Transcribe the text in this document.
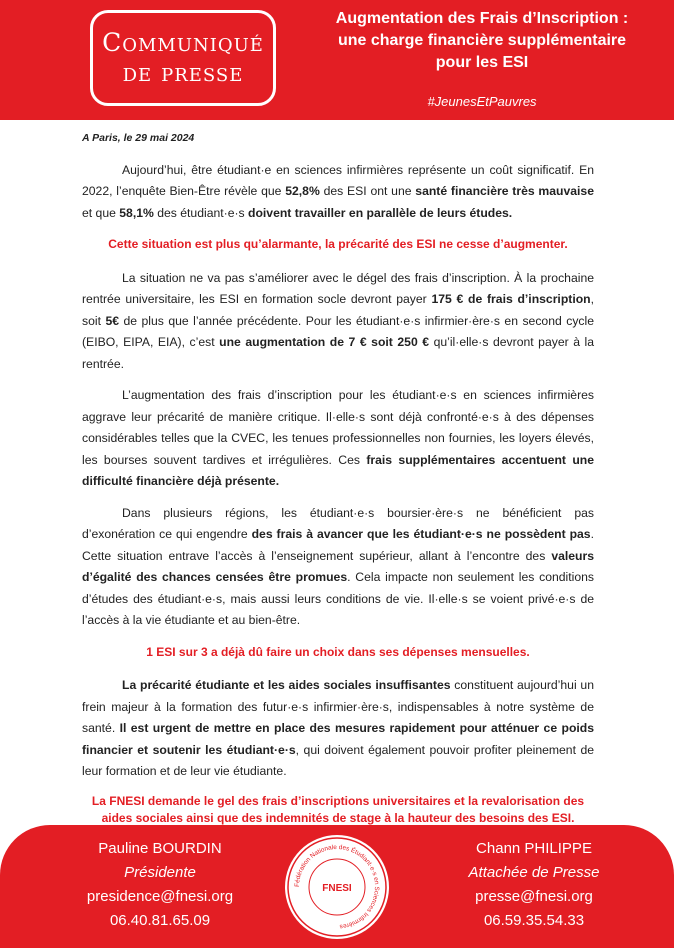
Communiqué
de presse
Augmentation des Frais d’Inscription :
une charge financière supplémentaire
pour les ESI
#JeunesEtPauvres

A Paris, le 29 mai 2024

Aujourd’hui, être étudiant·e en sciences infirmières représente un coût significatif. En 2022, l’enquête Bien-Être révèle que 52,8% des ESI ont une santé financière très mauvaise et que 58,1% des étudiant·e·s doivent travailler en parallèle de leurs études.

Cette situation est plus qu’alarmante, la précarité des ESI ne cesse d’augmenter.

La situation ne va pas s’améliorer avec le dégel des frais d’inscription. À la prochaine rentrée universitaire, les ESI en formation socle devront payer 175 € de frais d’inscription, soit 5€ de plus que l’année précédente. Pour les étudiant·e·s infirmier·ère·s en second cycle (EIBO, EIPA, EIA), c’est une augmentation de 7 € soit 250 € qu’il·elle·s devront payer à la rentrée.

L’augmentation des frais d’inscription pour les étudiant·e·s en sciences infirmières aggrave leur précarité de manière critique. Il·elle·s sont déjà confronté·e·s à des dépenses considérables telles que la CVEC, les tenues professionnelles non fournies, les loyers élevés, les bourses souvent tardives et irrégulières. Ces frais supplémentaires accentuent une difficulté financière déjà présente.

Dans plusieurs régions, les étudiant·e·s boursier·ère·s ne bénéficient pas d’exonération ce qui engendre des frais à avancer que les étudiant·e·s ne possèdent pas. Cette situation entrave l’accès à l’enseignement supérieur, allant à l’encontre des valeurs d’égalité des chances censées être promues. Cela impacte non seulement les conditions d’études des étudiant·e·s, mais aussi leurs conditions de vie. Il·elle·s se voient privé·e·s de l’accès à la vie étudiante et au bien-être.

1 ESI sur 3 a déjà dû faire un choix dans ses dépenses mensuelles.

La précarité étudiante et les aides sociales insuffisantes constituent aujourd’hui un frein majeur à la formation des futur·e·s infirmier·ère·s, indispensables à notre système de santé. Il est urgent de mettre en place des mesures rapidement pour atténuer ce poids financier et soutenir les étudiant·e·s, qui doivent également pouvoir profiter pleinement de leur formation et de leur vie étudiante.

La FNESI demande le gel des frais d’inscriptions universitaires et la revalorisation des aides sociales ainsi que des indemnités de stage à la hauteur des besoins des ESI.

Pauline BOURDIN
Présidente
presidence@fnesi.org
06.40.81.65.09
Fédération Nationale des Étudiant·e·s en Sciences Infirmières
FNESI
Chann PHILIPPE
Attachée de Presse
presse@fnesi.org
06.59.35.54.33
